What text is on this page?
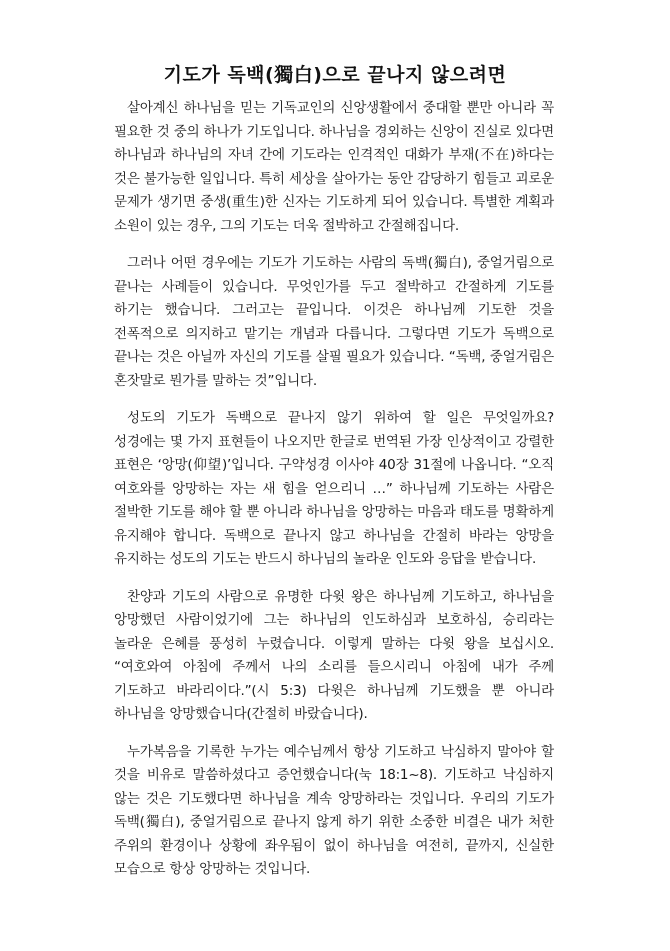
기도가 독백(獨白)으로 끝나지 않으려면

살아계신 하나님을 믿는 기독교인의 신앙생활에서 중대할 뿐만 아니라 꼭 필요한 것 중의 하나가 기도입니다. 하나님을 경외하는 신앙이 진실로 있다면 하나님과 하나님의 자녀 간에 기도라는 인격적인 대화가 부재(不在)하다는 것은 불가능한 일입니다. 특히 세상을 살아가는 동안 감당하기 힘들고 괴로운 문제가 생기면 중생(重生)한 신자는 기도하게 되어 있습니다. 특별한 계획과 소원이 있는 경우, 그의 기도는 더욱 절박하고 간절해집니다.

그러나 어떤 경우에는 기도가 기도하는 사람의 독백(獨白), 중얼거림으로 끝나는 사례들이 있습니다. 무엇인가를 두고 절박하고 간절하게 기도를 하기는 했습니다. 그러고는 끝입니다. 이것은 하나님께 기도한 것을 전폭적으로 의지하고 맡기는 개념과 다릅니다. 그렇다면 기도가 독백으로 끝나는 것은 아닐까 자신의 기도를 살필 필요가 있습니다. “독백, 중얼거림은 혼잣말로 뭔가를 말하는 것”입니다.

성도의 기도가 독백으로 끝나지 않기 위하여 할 일은 무엇일까요? 성경에는 몇 가지 표현들이 나오지만 한글로 번역된 가장 인상적이고 강렬한 표현은 ‘앙망(仰望)’입니다. 구약성경 이사야 40장 31절에 나옵니다. “오직 여호와를 앙망하는 자는 새 힘을 얻으리니 …” 하나님께 기도하는 사람은 절박한 기도를 해야 할 뿐 아니라 하나님을 앙망하는 마음과 태도를 명확하게 유지해야 합니다. 독백으로 끝나지 않고 하나님을 간절히 바라는 앙망을 유지하는 성도의 기도는 반드시 하나님의 놀라운 인도와 응답을 받습니다.

찬양과 기도의 사람으로 유명한 다윗 왕은 하나님께 기도하고, 하나님을 앙망했던 사람이었기에 그는 하나님의 인도하심과 보호하심, 승리라는 놀라운 은혜를 풍성히 누렸습니다. 이렇게 말하는 다윗 왕을 보십시오. “여호와여 아침에 주께서 나의 소리를 들으시리니 아침에 내가 주께 기도하고 바라리이다.”(시 5:3) 다윗은 하나님께 기도했을 뿐 아니라 하나님을 앙망했습니다(간절히 바랐습니다).

누가복음을 기록한 누가는 예수님께서 항상 기도하고 낙심하지 말아야 할 것을 비유로 말씀하셨다고 증언했습니다(눅 18:1~8). 기도하고 낙심하지 않는 것은 기도했다면 하나님을 계속 앙망하라는 것입니다. 우리의 기도가 독백(獨白), 중얼거림으로 끝나지 않게 하기 위한 소중한 비결은 내가 처한 주위의 환경이나 상황에 좌우됨이 없이 하나님을 여전히, 끝까지, 신실한 모습으로 항상 앙망하는 것입니다.
